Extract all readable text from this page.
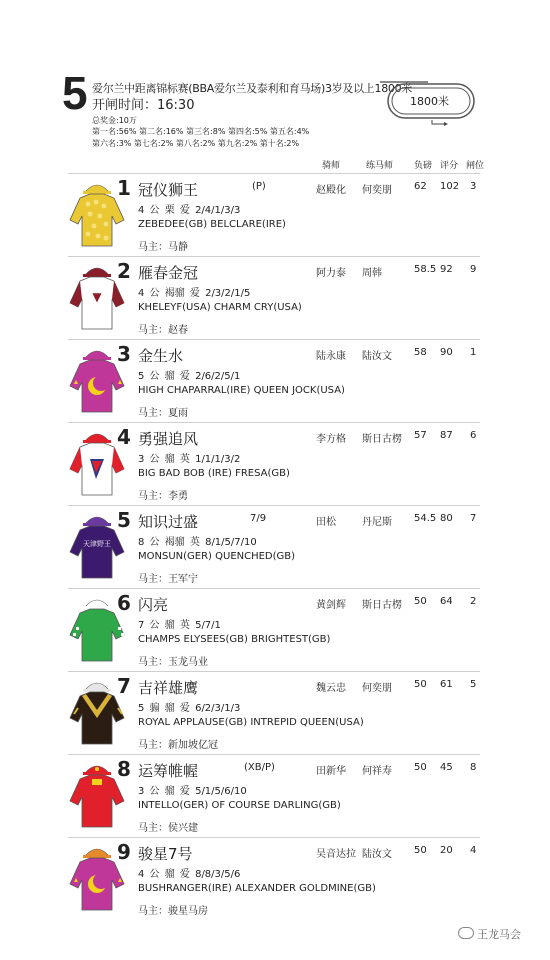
5 爱尔兰中距离锦标赛(BBA爱尔兰及泰利和育马场)3岁及以上1800米
开闸时间：16:30
总奖金:10万
第一名:56% 第二名:16% 第三名:8% 第四名:5% 第五名:4%
第六名:3% 第七名:2% 第八名:2% 第九名:2% 第十名:2%
1800米
骑师	练马师 负磅 评分 闸位
1 冠仪狮王	(P)	赵殿化 何奕朋 62 102 3
4 公 栗 爱 2/4/1/3/3
ZEBEDEE(GB) BELCLARE(IRE)
马主：马静
▼
2 雁春金冠	阿力泰 周韩	58.5 92 9
4 公 褐骝 爱 2/3/2/1/5
KHELEYF(USA) CHARM CRY(USA)
马主：赵春
3 金生水	陆永康 陆汝文 58 90 1
5 公 骝 爱 2/6/2/5/1
HIGH CHAPARRAL(IRE) QUEEN JOCK(USA)
马主：夏雨
4 勇强追风	李方格 斯日古楞 57 87 6
3 公 骝 英 1/1/1/3/2
BIG BAD BOB (IRE) FRESA(GB)
马主：李勇
天津野王
5 知识过盛	7/9	田松	丹尼斯 54.5 80 7
8 公 褐骝 英 8/1/5/7/10
MONSUN(GER) QUENCHED(GB)
马主：王军宁
6 闪亮	黄剑辉 斯日古楞 50 64 2
7 公 骝 英 5/7/1
CHAMPS ELYSEES(GB) BRIGHTEST(GB)
马主：玉龙马业
7 吉祥雄鹰	魏云忠 何奕朋 50 61 5
5 骟 骝 爱 6/2/3/1/3
ROYAL APPLAUSE(GB) INTREPID QUEEN(USA)
马主：新加坡亿冠
8 运筹帷幄	(XB/P)	田新华 何祥寿 50 45 8
3 公 骝 爱 5/1/5/6/10
INTELLO(GER) OF COURSE DARLING(GB)
马主：侯兴建
9 骏星7号	吴音达拉 陆汝文 50 20 4
4 公 骝 爱 8/8/3/5/6
BUSHRANGER(IRE) ALEXANDER GOLDMINE(GB)
马主：骏星马房
王龙马会
